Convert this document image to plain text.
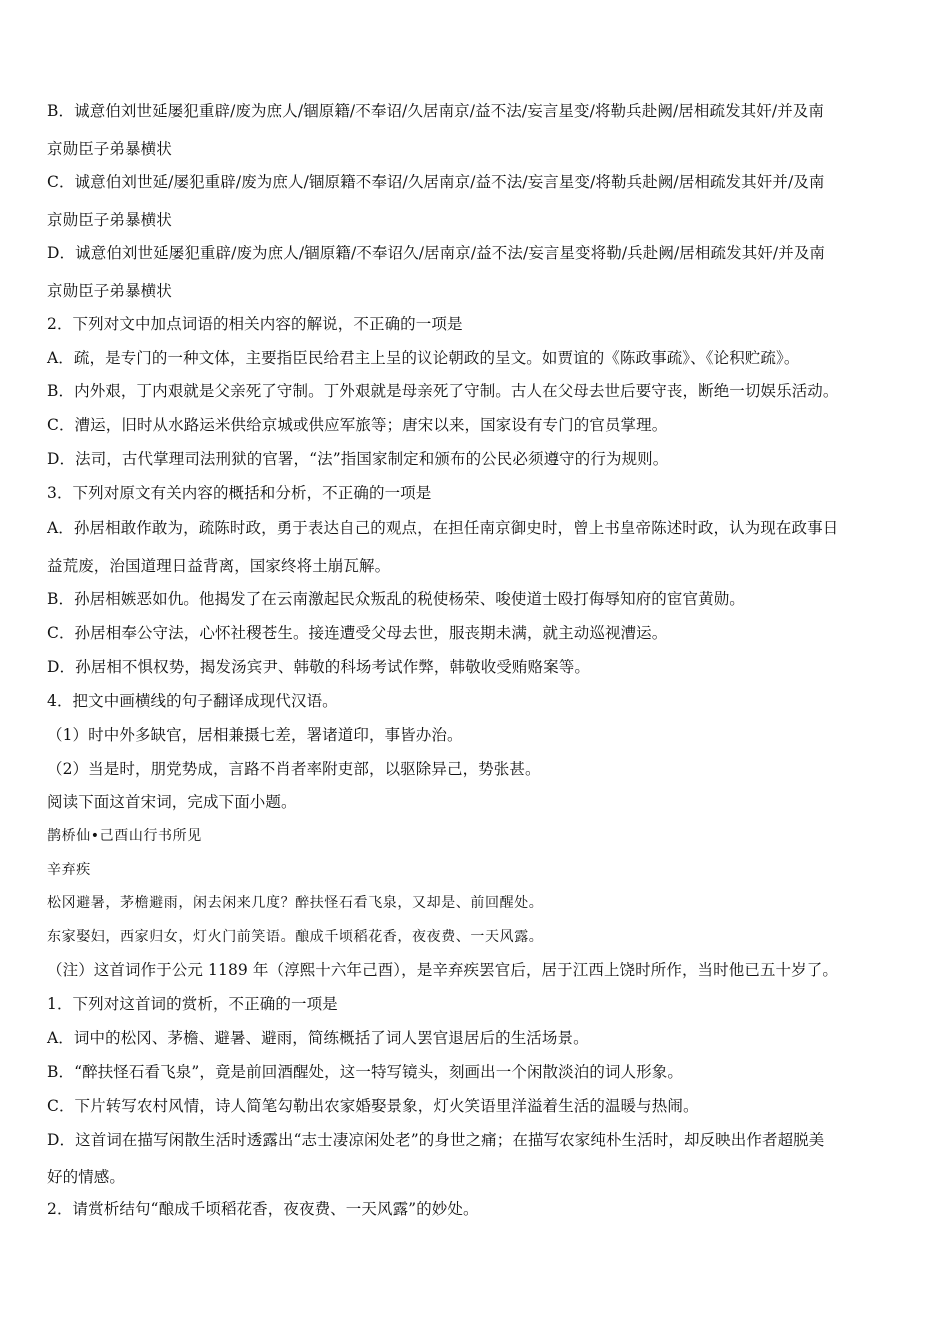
B．诚意伯刘世延屡犯重辟/废为庶人/锢原籍/不奉诏/久居南京/益不法/妄言星变/将勒兵赴阙/居相疏发其奸/并及南
京勋臣子弟暴横状
C．诚意伯刘世延/屡犯重辟/废为庶人/锢原籍不奉诏/久居南京/益不法/妄言星变/将勒兵赴阙/居相疏发其奸并/及南
京勋臣子弟暴横状
D．诚意伯刘世延屡犯重辟/废为庶人/锢原籍/不奉诏久/居南京/益不法/妄言星变将勒/兵赴阙/居相疏发其奸/并及南
京勋臣子弟暴横状
2．下列对文中加点词语的相关内容的解说，不正确的一项是
A．疏，是专门的一种文体，主要指臣民给君主上呈的议论朝政的呈文。如贾谊的《陈政事疏》、《论积贮疏》。
B．内外艰，丁内艰就是父亲死了守制。丁外艰就是母亲死了守制。古人在父母去世后要守丧，断绝一切娱乐活动。
C．漕运，旧时从水路运米供给京城或供应军旅等；唐宋以来，国家设有专门的官员掌理。
D．法司，古代掌理司法刑狱的官署，“法”指国家制定和颁布的公民必须遵守的行为规则。
3．下列对原文有关内容的概括和分析，不正确的一项是
A．孙居相敢作敢为，疏陈时政，勇于表达自己的观点，在担任南京御史时，曾上书皇帝陈述时政，认为现在政事日
益荒废，治国道理日益背离，国家终将土崩瓦解。
B．孙居相嫉恶如仇。他揭发了在云南激起民众叛乱的税使杨荣、唆使道士殴打侮辱知府的宦官黄勋。
C．孙居相奉公守法，心怀社稷苍生。接连遭受父母去世，服丧期未满，就主动巡视漕运。
D．孙居相不惧权势，揭发汤宾尹、韩敬的科场考试作弊，韩敬收受贿赂案等。
4．把文中画横线的句子翻译成现代汉语。
（1）时中外多缺官，居相兼摄七差，署诸道印，事皆办治。
（2）当是时，朋党势成，言路不肖者率附吏部，以驱除异己，势张甚。
阅读下面这首宋词，完成下面小题。
鹊桥仙•己酉山行书所见
辛弃疾
松冈避暑，茅檐避雨，闲去闲来几度？醉扶怪石看飞泉，又却是、前回醒处。
东家娶妇，西家归女，灯火门前笑语。酿成千顷稻花香，夜夜费、一天风露。
（注）这首词作于公元 1189 年（淳熙十六年己酉），是辛弃疾罢官后，居于江西上饶时所作，当时他已五十岁了。
1．下列对这首词的赏析，不正确的一项是
A．词中的松冈、茅檐、避暑、避雨，简练概括了词人罢官退居后的生活场景。
B．“醉扶怪石看飞泉”，竟是前回酒醒处，这一特写镜头，刻画出一个闲散淡泊的词人形象。
C．下片转写农村风情，诗人简笔勾勒出农家婚娶景象，灯火笑语里洋溢着生活的温暖与热闹。
D．这首词在描写闲散生活时透露出“志士凄凉闲处老”的身世之痛；在描写农家纯朴生活时，却反映出作者超脱美
好的情感。
2．请赏析结句“酿成千顷稻花香，夜夜费、一天风露”的妙处。
